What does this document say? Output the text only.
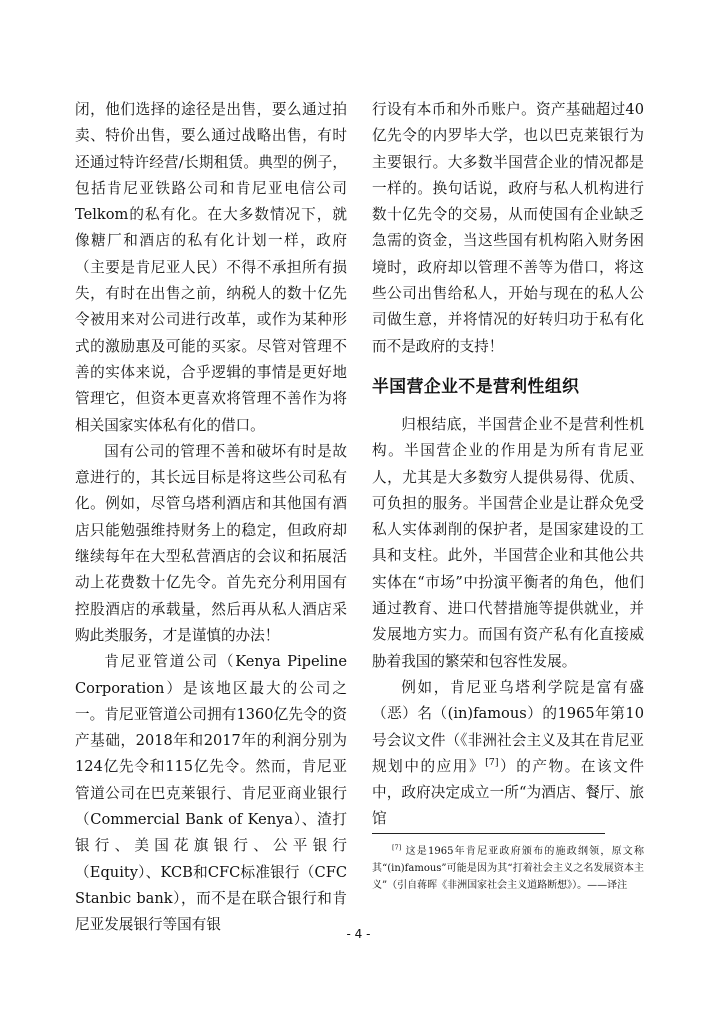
闭，他们选择的途径是出售，要么通过拍卖、特价出售，要么通过战略出售，有时还通过特许经营/长期租赁。典型的例子，包括肯尼亚铁路公司和肯尼亚电信公司Telkom的私有化。在大多数情况下，就像糖厂和酒店的私有化计划一样，政府（主要是肯尼亚人民）不得不承担所有损失，有时在出售之前，纳税人的数十亿先令被用来对公司进行改革，或作为某种形式的激励惠及可能的买家。尽管对管理不善的实体来说，合乎逻辑的事情是更好地管理它，但资本更喜欢将管理不善作为将相关国家实体私有化的借口。

国有公司的管理不善和破坏有时是故意进行的，其长远目标是将这些公司私有化。例如，尽管乌塔利酒店和其他国有酒店只能勉强维持财务上的稳定，但政府却继续每年在大型私营酒店的会议和拓展活动上花费数十亿先令。首先充分利用国有控股酒店的承载量，然后再从私人酒店采购此类服务，才是谨慎的办法！

肯尼亚管道公司（Kenya Pipeline Corporation）是该地区最大的公司之一。肯尼亚管道公司拥有1360亿先令的资产基础，2018年和2017年的利润分别为124亿先令和115亿先令。然而，肯尼亚管道公司在巴克莱银行、肯尼亚商业银行（Commercial Bank of Kenya）、渣打银行、美国花旗银行、公平银行（Equity）、KCB和CFC标准银行（CFC Stanbic bank），而不是在联合银行和肯尼亚发展银行等国有银

行设有本币和外币账户。资产基础超过40亿先令的内罗毕大学，也以巴克莱银行为主要银行。大多数半国营企业的情况都是一样的。换句话说，政府与私人机构进行数十亿先令的交易，从而使国有企业缺乏急需的资金，当这些国有机构陷入财务困境时，政府却以管理不善等为借口，将这些公司出售给私人，开始与现在的私人公司做生意，并将情况的好转归功于私有化而不是政府的支持！

半国营企业不是营利性组织

归根结底，半国营企业不是营利性机构。半国营企业的作用是为所有肯尼亚人，尤其是大多数穷人提供易得、优质、可负担的服务。半国营企业是让群众免受私人实体剥削的保护者，是国家建设的工具和支柱。此外，半国营企业和其他公共实体在“市场”中扮演平衡者的角色，他们通过教育、进口代替措施等提供就业，并发展地方实力。而国有资产私有化直接威胁着我国的繁荣和包容性发展。

例如，肯尼亚乌塔利学院是富有盛（恶）名（(in)famous）的1965年第10号会议文件（《非洲社会主义及其在肯尼亚规划中的应用》[7]）的产物。在该文件中，政府决定成立一所“为酒店、餐厅、旅馆

[7] 这是1965年肯尼亚政府颁布的施政纲领，原文称其“(in)famous”可能是因为其“打着社会主义之名发展资本主义”（引自蒋晖《非洲国家社会主义道路断想》）。——译注
- 4 -
